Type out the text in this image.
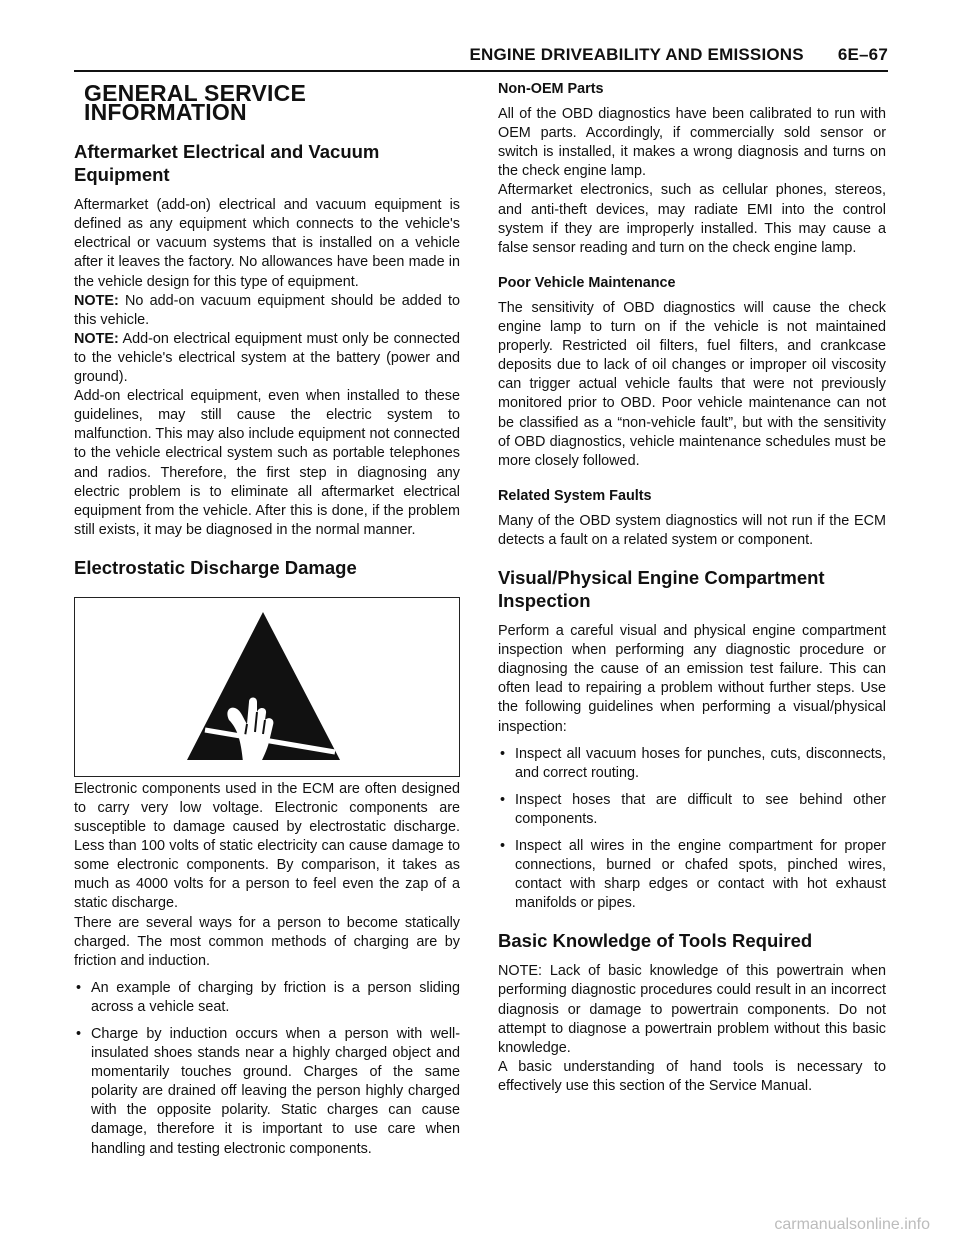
ENGINE DRIVEABILITY AND EMISSIONS 6E–67
GENERAL SERVICE INFORMATION
Aftermarket Electrical and Vacuum Equipment

Aftermarket (add-on) electrical and vacuum equipment is defined as any equipment which connects to the vehicle's electrical or vacuum systems that is installed on a vehicle after it leaves the factory. No allowances have been made in the vehicle design for this type of equipment.

NOTE: No add-on vacuum equipment should be added to this vehicle.

NOTE: Add-on electrical equipment must only be connected to the vehicle's electrical system at the battery (power and ground).

Add-on electrical equipment, even when installed to these guidelines, may still cause the electric system to malfunction. This may also include equipment not connected to the vehicle electrical system such as portable telephones and radios. Therefore, the first step in diagnosing any electric problem is to eliminate all aftermarket electrical equipment from the vehicle. After this is done, if the problem still exists, it may be diagnosed in the normal manner.

Electrostatic Discharge Damage

Electronic components used in the ECM are often designed to carry very low voltage. Electronic components are susceptible to damage caused by electrostatic discharge. Less than 100 volts of static electricity can cause damage to some electronic components. By comparison, it takes as much as 4000 volts for a person to feel even the zap of a static discharge.

There are several ways for a person to become statically charged. The most common methods of charging are by friction and induction.

• An example of charging by friction is a person sliding across a vehicle seat.
• Charge by induction occurs when a person with well-insulated shoes stands near a highly charged object and momentarily touches ground. Charges of the same polarity are drained off leaving the person highly charged with the opposite polarity. Static charges can cause damage, therefore it is important to use care when handling and testing electronic components.
Non-OEM Parts

All of the OBD diagnostics have been calibrated to run with OEM parts. Accordingly, if commercially sold sensor or switch is installed, it makes a wrong diagnosis and turns on the check engine lamp.

Aftermarket electronics, such as cellular phones, stereos, and anti-theft devices, may radiate EMI into the control system if they are improperly installed. This may cause a false sensor reading and turn on the check engine lamp.

Poor Vehicle Maintenance

The sensitivity of OBD diagnostics will cause the check engine lamp to turn on if the vehicle is not maintained properly. Restricted oil filters, fuel filters, and crankcase deposits due to lack of oil changes or improper oil viscosity can trigger actual vehicle faults that were not previously monitored prior to OBD. Poor vehicle maintenance can not be classified as a “non-vehicle fault”, but with the sensitivity of OBD diagnostics, vehicle maintenance schedules must be more closely followed.

Related System Faults

Many of the OBD system diagnostics will not run if the ECM detects a fault on a related system or component.

Visual/Physical Engine Compartment Inspection

Perform a careful visual and physical engine compartment inspection when performing any diagnostic procedure or diagnosing the cause of an emission test failure. This can often lead to repairing a problem without further steps. Use the following guidelines when performing a visual/physical inspection:

• Inspect all vacuum hoses for punches, cuts, disconnects, and correct routing.
• Inspect hoses that are difficult to see behind other components.
• Inspect all wires in the engine compartment for proper connections, burned or chafed spots, pinched wires, contact with sharp edges or contact with hot exhaust manifolds or pipes.
Basic Knowledge of Tools Required

NOTE: Lack of basic knowledge of this powertrain when performing diagnostic procedures could result in an incorrect diagnosis or damage to powertrain components. Do not attempt to diagnose a powertrain problem without this basic knowledge.

A basic understanding of hand tools is necessary to effectively use this section of the Service Manual.

carmanualsonline.info
